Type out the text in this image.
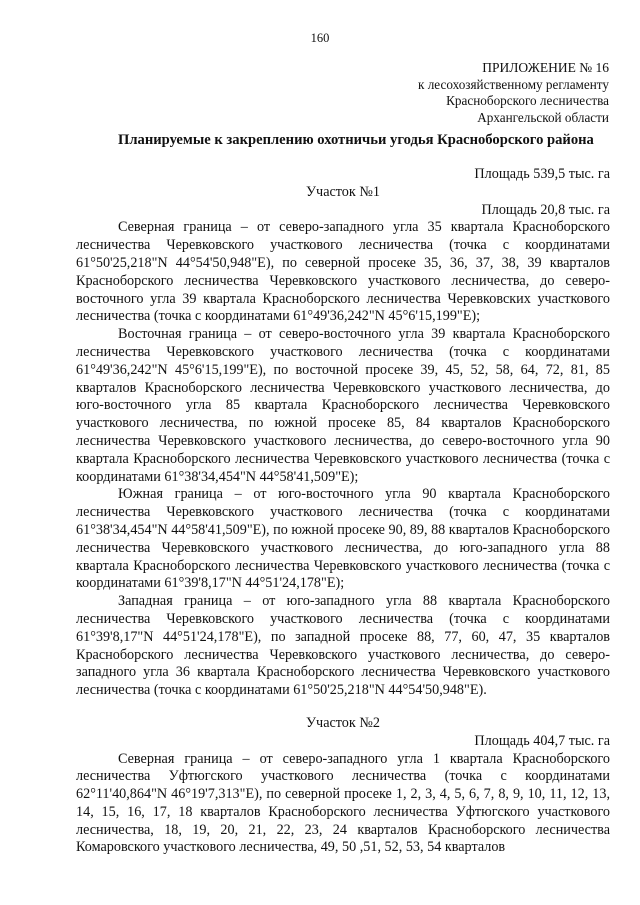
160
ПРИЛОЖЕНИЕ № 16
к лесохозяйственному регламенту
Красноборского лесничества
Архангельской области
Планируемые к закреплению охотничьи угодья Красноборского района
Площадь 539,5 тыс. га
Участок №1
Площадь 20,8 тыс. га

Северная граница – от северо-западного угла 35 квартала Красноборского лесничества Черевковского участкового лесничества (точка с координатами 61°50'25,218"N 44°54'50,948"E), по северной просеке 35, 36, 37, 38, 39 кварталов Красноборского лесничества Черевковского участкового лесничества, до северо-восточного угла 39 квартала Красноборского лесничества Черевковских участкового лесничества (точка с координатами 61°49'36,242"N 45°6'15,199"E);

Восточная граница – от северо-восточного угла 39 квартала Красноборского лесничества Черевковского участкового лесничества (точка с координатами 61°49'36,242"N 45°6'15,199"E), по восточной просеке 39, 45, 52, 58, 64, 72, 81, 85 кварталов Красноборского лесничества Черевковского участкового лесничества, до юго-восточного угла 85 квартала Красноборского лесничества Черевковского участкового лесничества, по южной просеке 85, 84 кварталов Красноборского лесничества Черевковского участкового лесничества, до северо-восточного угла 90 квартала Красноборского лесничества Черевковского участкового лесничества (точка с координатами 61°38'34,454"N 44°58'41,509"E);

Южная граница – от юго-восточного угла 90 квартала Красноборского лесничества Черевковского участкового лесничества (точка с координатами 61°38'34,454"N 44°58'41,509"E), по южной просеке 90, 89, 88 кварталов Красноборского лесничества Черевковского участкового лесничества, до юго-западного угла 88 квартала Красноборского лесничества Черевковского участкового лесничества (точка с координатами 61°39'8,17"N 44°51'24,178"E);

Западная граница – от юго-западного угла 88 квартала Красноборского лесничества Черевковского участкового лесничества (точка с координатами 61°39'8,17"N 44°51'24,178"E), по западной просеке 88, 77, 60, 47, 35 кварталов Красноборского лесничества Черевковского участкового лесничества, до северо-западного угла 36 квартала Красноборского лесничества Черевковского участкового лесничества (точка с координатами 61°50'25,218"N 44°54'50,948"E).

Участок №2
Площадь 404,7 тыс. га

Северная граница – от северо-западного угла 1 квартала Красноборского лесничества Уфтюгского участкового лесничества (точка с координатами 62°11'40,864"N 46°19'7,313"E), по северной просеке 1, 2, 3, 4, 5, 6, 7, 8, 9, 10, 11, 12, 13, 14, 15, 16, 17, 18 кварталов Красноборского лесничества Уфтюгского участкового лесничества, 18, 19, 20, 21, 22, 23, 24 кварталов Красноборского лесничества Комаровского участкового лесничества, 49, 50 ,51, 52, 53, 54 кварталов
